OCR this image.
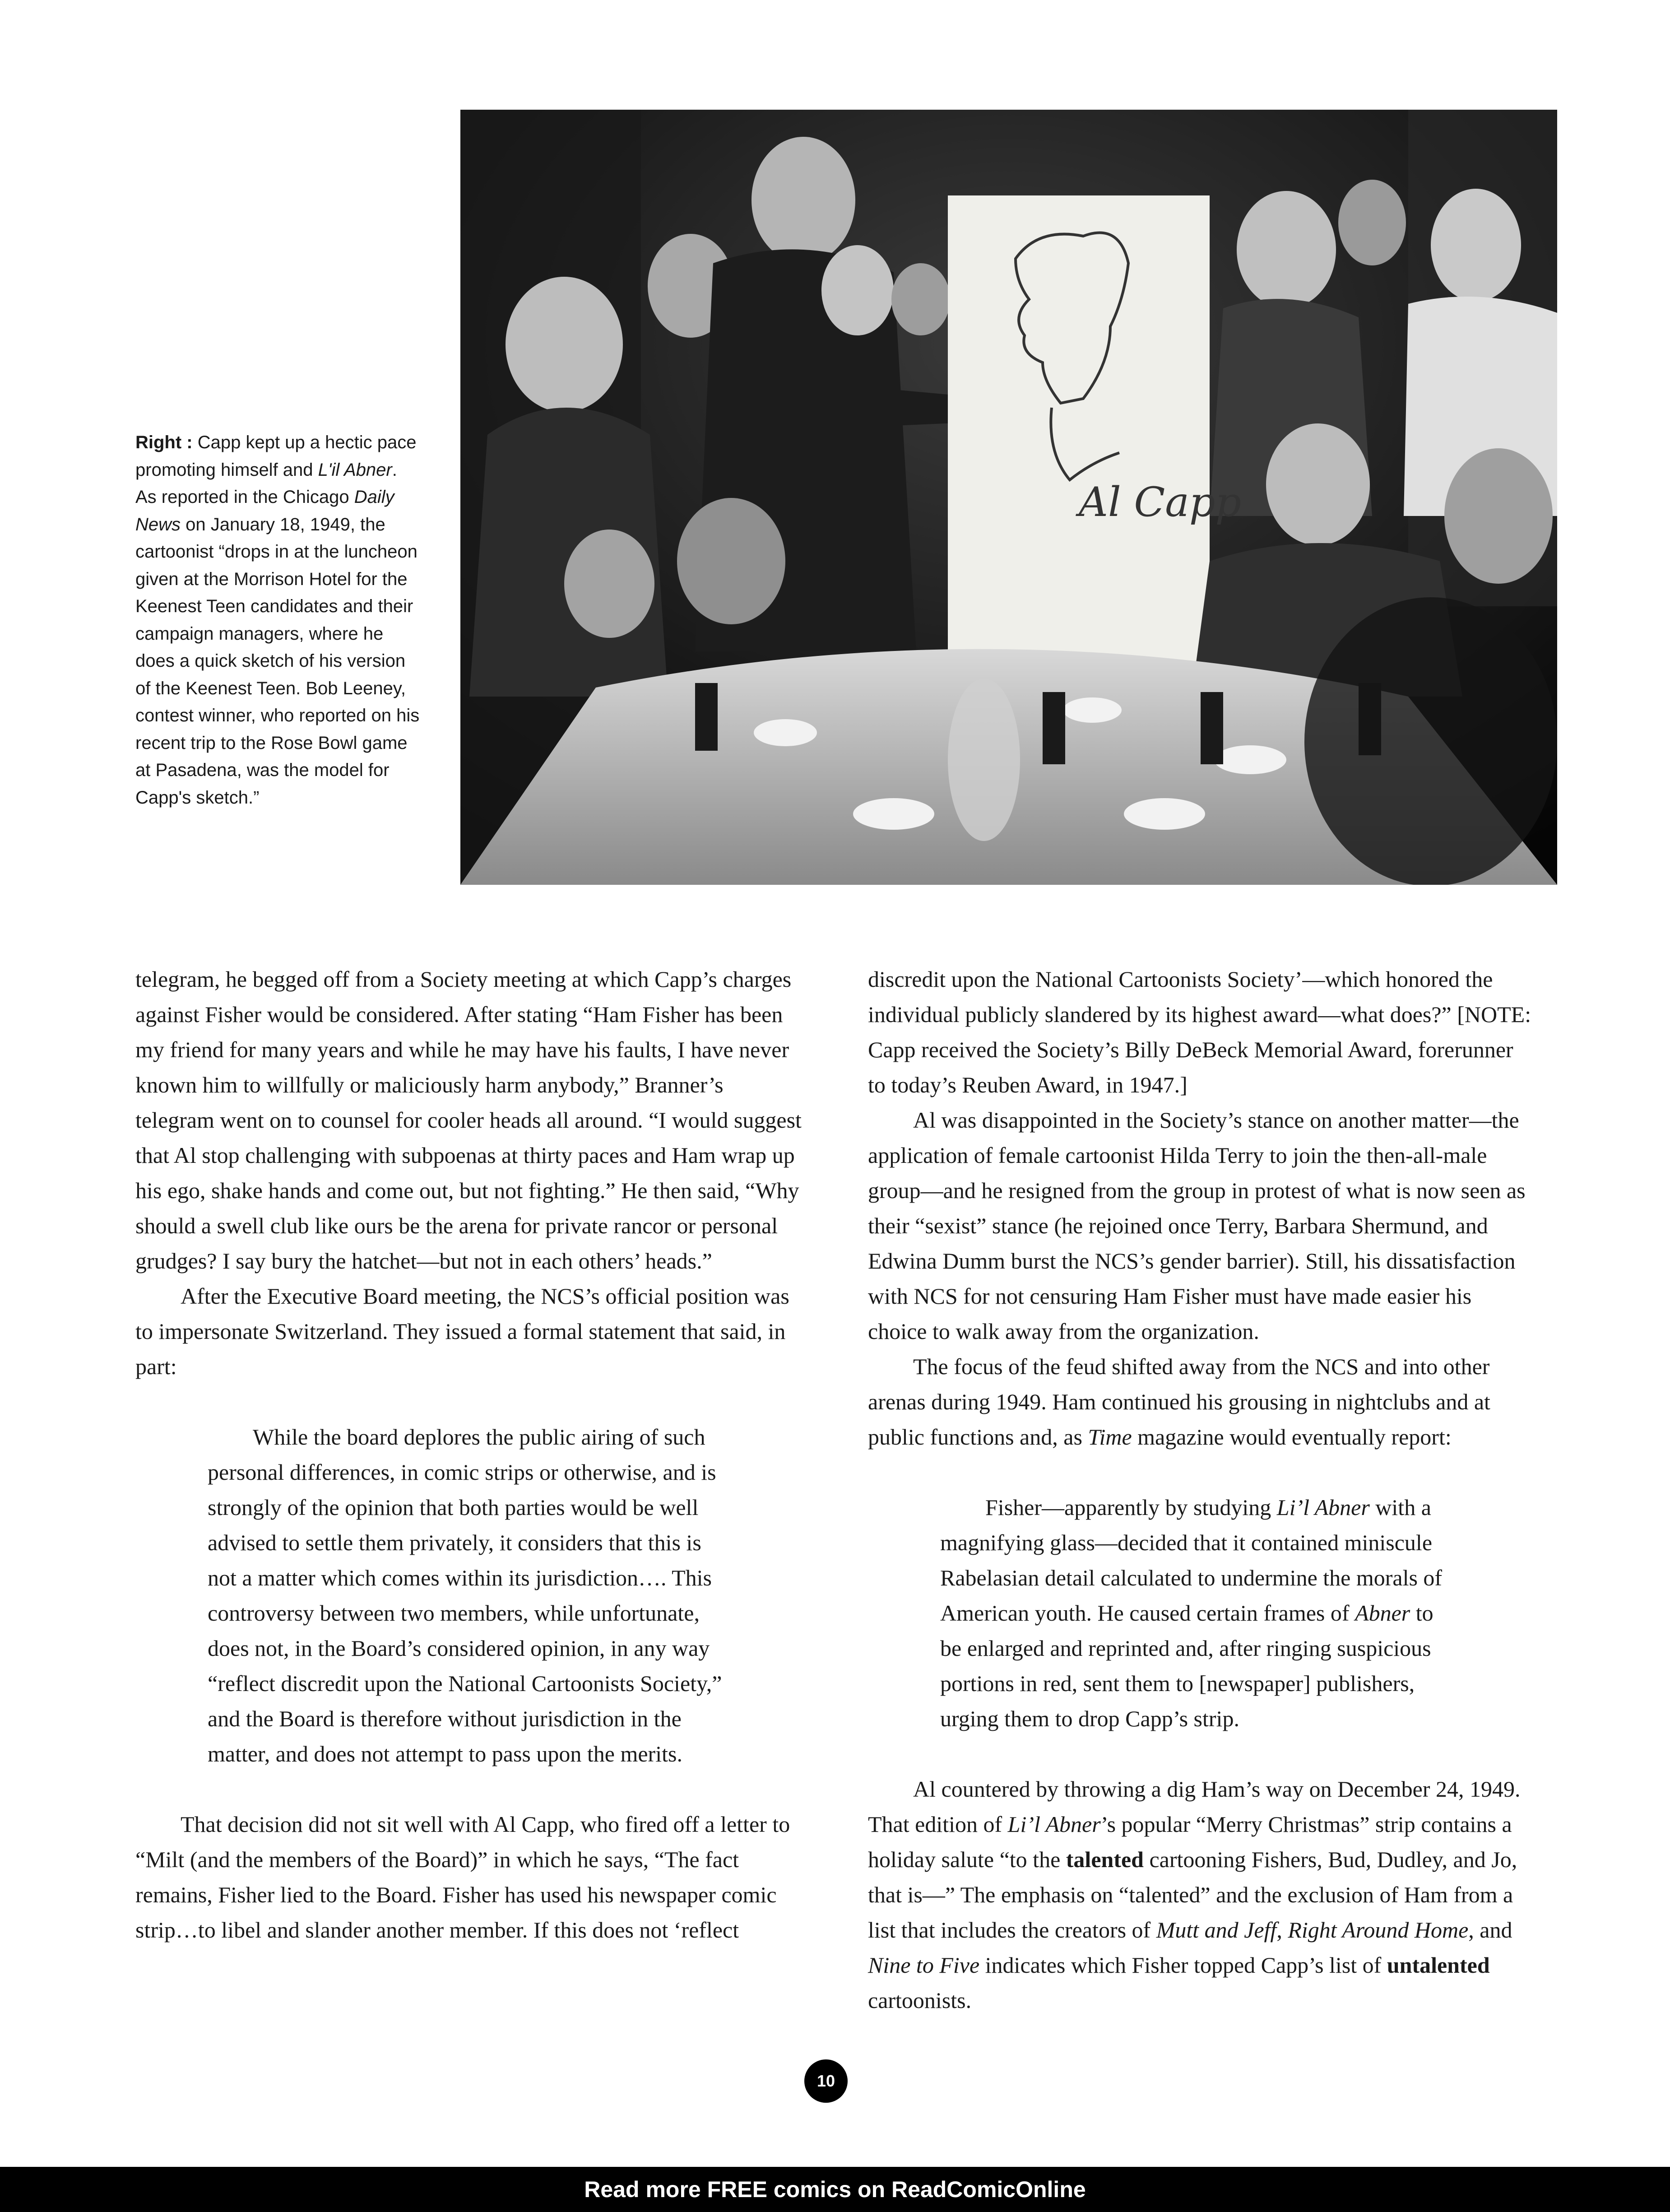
Right : Capp kept up a hectic pace promoting himself and L'il Abner. As reported in the Chicago Daily News on January 18, 1949, the cartoonist “drops in at the luncheon given at the Morrison Hotel for the Keenest Teen candidates and their campaign managers, where he does a quick sketch of his version of the Keenest Teen. Bob Leeney, contest winner, who reported on his recent trip to the Rose Bowl game at Pasadena, was the model for Capp's sketch.”
Al Capp

telegram, he begged off from a Society meeting at which Capp’s charges against Fisher would be considered. After stating “Ham Fisher has been my friend for many years and while he may have his faults, I have never known him to willfully or maliciously harm anybody,” Branner’s telegram went on to counsel for cooler heads all around. “I would suggest that Al stop challenging with subpoenas at thirty paces and Ham wrap up his ego, shake hands and come out, but not fighting.” He then said, “Why should a swell club like ours be the arena for private rancor or personal grudges? I say bury the hatchet—but not in each others’ heads.”

After the Executive Board meeting, the NCS’s official position was to impersonate Switzerland. They issued a formal statement that said, in part:

While the board deplores the public airing of such personal differences, in comic strips or otherwise, and is strongly of the opinion that both parties would be well advised to settle them privately, it considers that this is not a matter which comes within its jurisdiction…. This controversy between two members, while unfortunate, does not, in the Board’s considered opinion, in any way “reflect discredit upon the National Cartoonists Society,” and the Board is therefore without jurisdiction in the matter, and does not attempt to pass upon the merits.

That decision did not sit well with Al Capp, who fired off a letter to “Milt (and the members of the Board)” in which he says, “The fact remains, Fisher lied to the Board. Fisher has used his newspaper comic strip…to libel and slander another member. If this does not ‘reflect

discredit upon the National Cartoonists Society’—which honored the individual publicly slandered by its highest award—what does?” [NOTE: Capp received the Society’s Billy DeBeck Memorial Award, forerunner to today’s Reuben Award, in 1947.]

Al was disappointed in the Society’s stance on another matter—the application of female cartoonist Hilda Terry to join the then-all-male group—and he resigned from the group in protest of what is now seen as their “sexist” stance (he rejoined once Terry, Barbara Shermund, and Edwina Dumm burst the NCS’s gender barrier). Still, his dissatisfaction with NCS for not censuring Ham Fisher must have made easier his choice to walk away from the organization.

The focus of the feud shifted away from the NCS and into other arenas during 1949. Ham continued his grousing in nightclubs and at public functions and, as Time magazine would eventually report:

Fisher—apparently by studying Li’l Abner with a magnifying glass—decided that it contained miniscule Rabelasian detail calculated to undermine the morals of American youth. He caused certain frames of Abner to be enlarged and reprinted and, after ringing suspicious portions in red, sent them to [newspaper] publishers, urging them to drop Capp’s strip.

Al countered by throwing a dig Ham’s way on December 24, 1949. That edition of Li’l Abner’s popular “Merry Christmas” strip contains a holiday salute “to the talented cartooning Fishers, Bud, Dudley, and Jo, that is—” The emphasis on “talented” and the exclusion of Ham from a list that includes the creators of Mutt and Jeff, Right Around Home, and Nine to Five indicates which Fisher topped Capp’s list of untalented cartoonists.

10
Read more FREE comics on ReadComicOnline
